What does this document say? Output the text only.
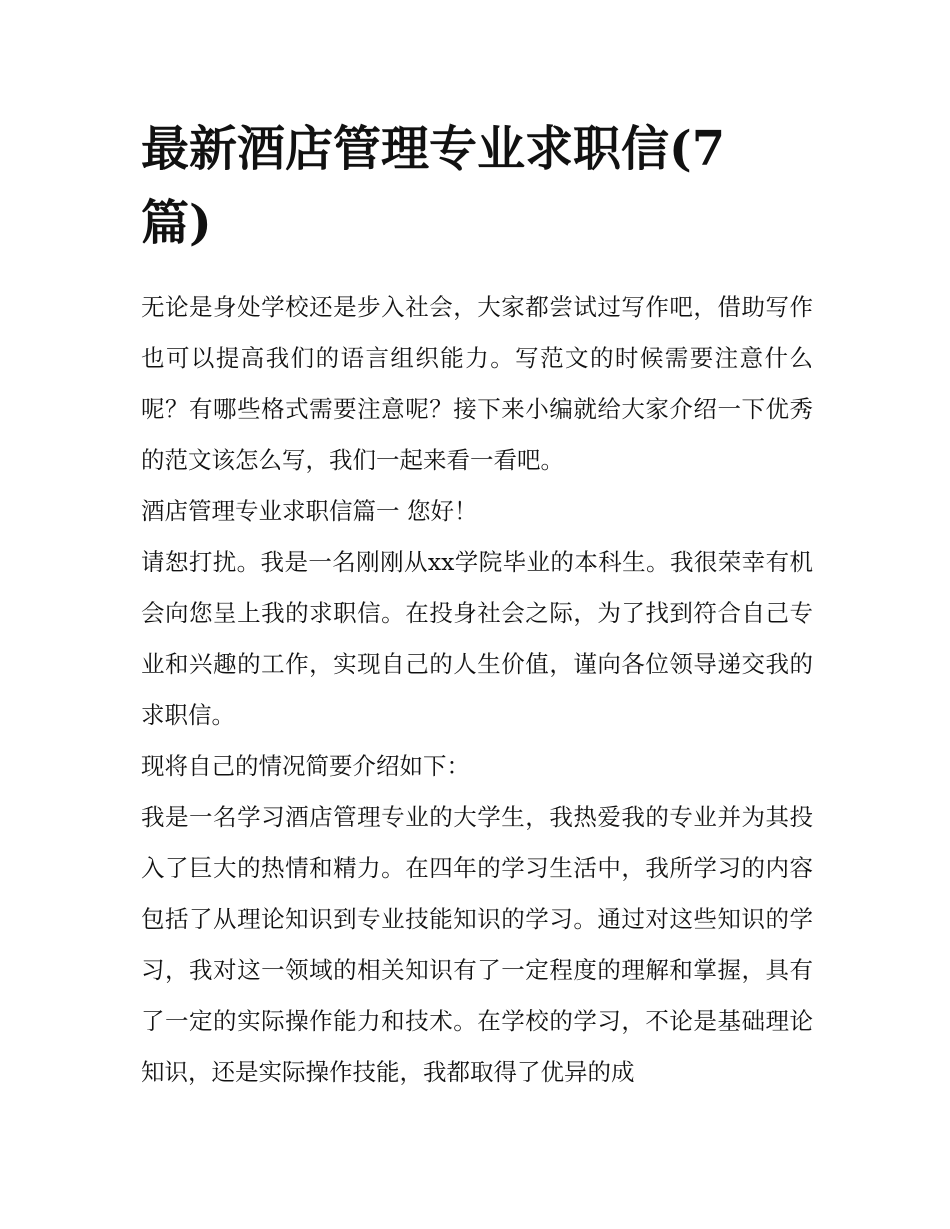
最新酒店管理专业求职信(7篇)

无论是身处学校还是步入社会，大家都尝试过写作吧，借助写作也可以提高我们的语言组织能力。写范文的时候需要注意什么呢？有哪些格式需要注意呢？接下来小编就给大家介绍一下优秀的范文该怎么写，我们一起来看一看吧。

酒店管理专业求职信篇一 您好！

请恕打扰。我是一名刚刚从xx学院毕业的本科生。我很荣幸有机会向您呈上我的求职信。在投身社会之际，为了找到符合自己专业和兴趣的工作，实现自己的人生价值，谨向各位领导递交我的求职信。

现将自己的情况简要介绍如下：

我是一名学习酒店管理专业的大学生，我热爱我的专业并为其投入了巨大的热情和精力。在四年的学习生活中，我所学习的内容包括了从理论知识到专业技能知识的学习。通过对这些知识的学习，我对这一领域的相关知识有了一定程度的理解和掌握，具有了一定的实际操作能力和技术。在学校的学习，不论是基础理论知识，还是实际操作技能，我都取得了优异的成
